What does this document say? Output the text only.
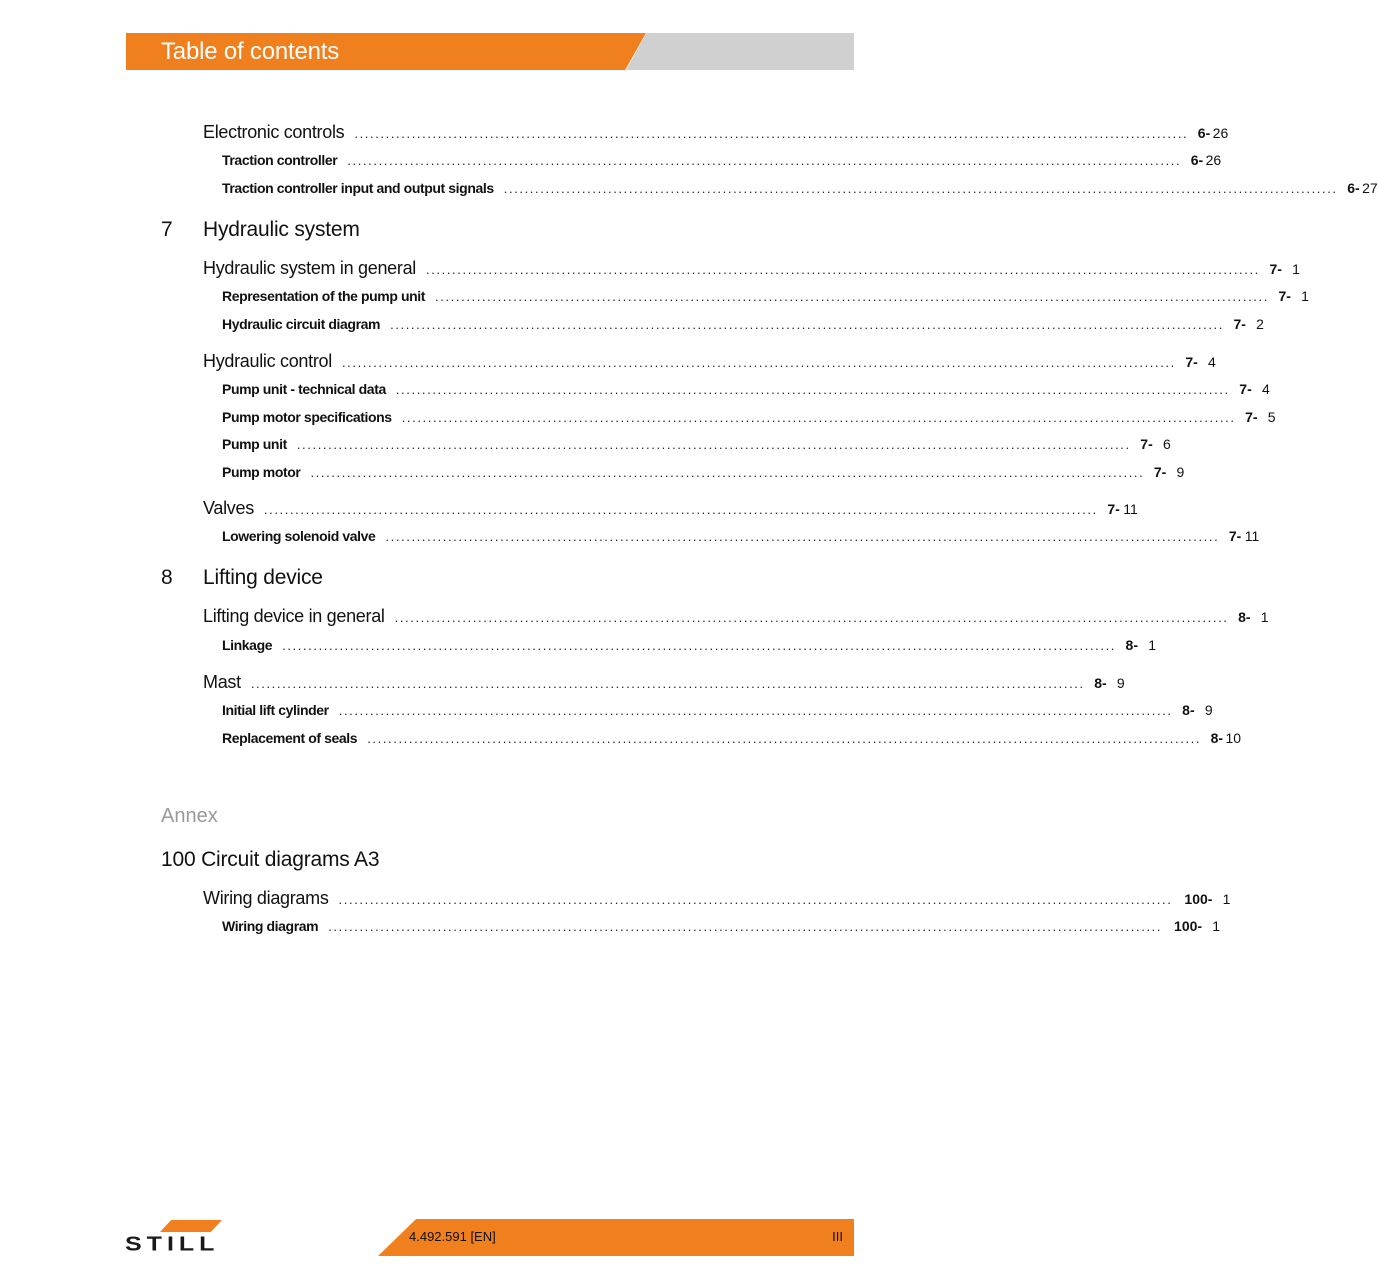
Table of contents
Electronic controls ................................................................................................................................................................ 6- 26
Traction controller ................................................................................................................................................................ 6- 26
Traction controller input and output signals ................................................................................................................................................................ 6- 27
7 Hydraulic system
Hydraulic system in general ................................................................................................................................................................ 7- 1
Representation of the pump unit ................................................................................................................................................................ 7- 1
Hydraulic circuit diagram ................................................................................................................................................................ 7- 2
Hydraulic control ................................................................................................................................................................ 7- 4
Pump unit - technical data ................................................................................................................................................................ 7- 4
Pump motor specifications ................................................................................................................................................................ 7- 5
Pump unit ................................................................................................................................................................ 7- 6
Pump motor ................................................................................................................................................................ 7- 9
Valves ................................................................................................................................................................ 7- 11
Lowering solenoid valve ................................................................................................................................................................ 7- 11
8 Lifting device
Lifting device in general ................................................................................................................................................................ 8- 1
Linkage ................................................................................................................................................................ 8- 1
Mast ................................................................................................................................................................ 8- 9
Initial lift cylinder ................................................................................................................................................................ 8- 9
Replacement of seals ................................................................................................................................................................ 8- 10
Annex
100 Circuit diagrams A3
Wiring diagrams ................................................................................................................................................................ 100- 1
Wiring diagram ................................................................................................................................................................ 100- 1
STILL	4.492.591 [EN]	III
